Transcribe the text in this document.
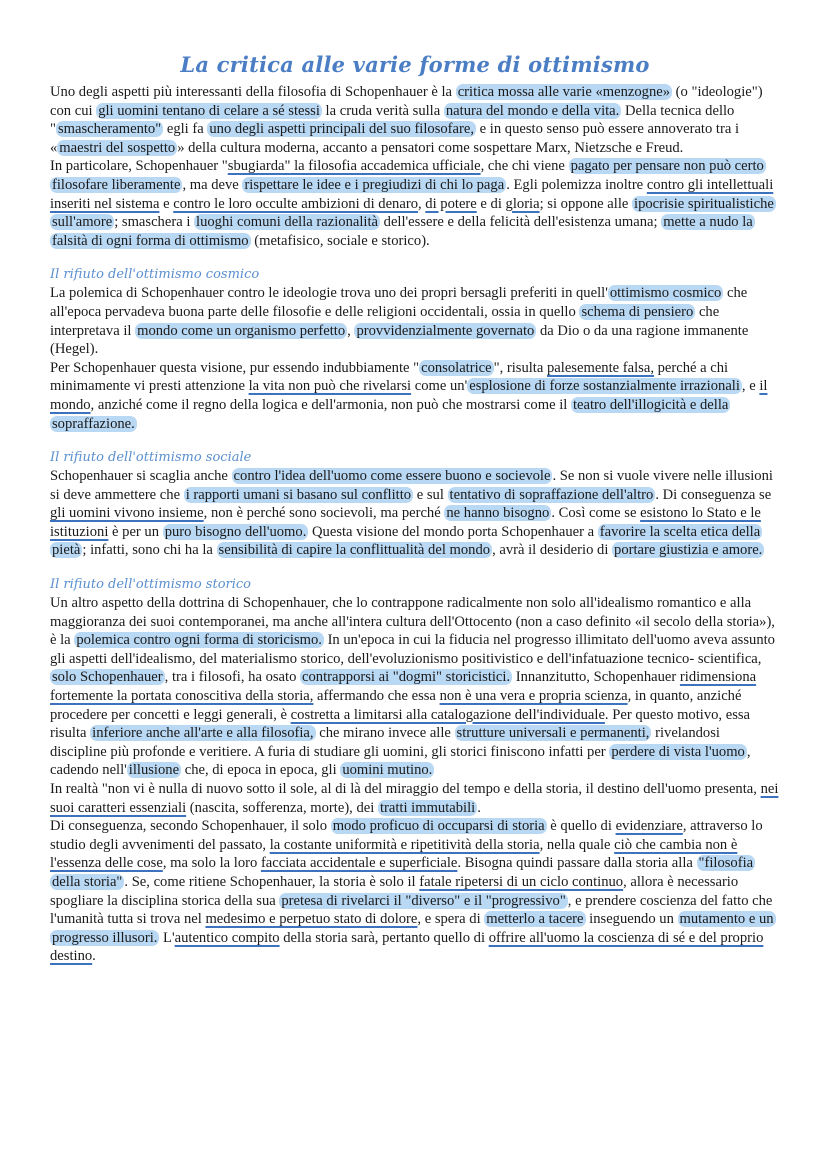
La critica alle varie forme di ottimismo

Uno degli aspetti più interessanti della filosofia di Schopenhauer è la critica mossa alle varie «menzogne» (o "ideologie") con cui gli uomini tentano di celare a sé stessi la cruda verità sulla natura del mondo e della vita. Della tecnica dello " smascheramento" egli fa uno degli aspetti principali del suo filosofare, e in questo senso può essere annoverato tra i « maestri del sospetto » della cultura moderna, accanto a pensatori come sospettare Marx, Nietzsche e Freud.

In particolare, Schopenhauer "sbugiarda" la filosofia accademica ufficiale, che chi viene pagato per pensare non può certo filosofare liberamente , ma deve rispettare le idee e i pregiudizi di chi lo paga . Egli polemizza inoltre contro gli intellettuali inseriti nel sistema e contro le loro occulte ambizioni di denaro, di potere e di gloria; si oppone alle ipocrisie spiritualistiche sull'amore ; smaschera i luoghi comuni della razionalità dell'essere e della felicità dell'esistenza umana; mette a nudo la falsità di ogni forma di ottimismo (metafisico, sociale e storico).

Il rifiuto dell'ottimismo cosmico

La polemica di Schopenhauer contro le ideologie trova uno dei propri bersagli preferiti in quell' ottimismo cosmico che all'epoca pervadeva buona parte delle filosofie e delle religioni occidentali, ossia in quello schema di pensiero che interpretava il mondo come un organismo perfetto , provvidenzialmente governato da Dio o da una ragione immanente (Hegel).

Per Schopenhauer questa visione, pur essendo indubbiamente " consolatrice ", risulta palesemente falsa, perché a chi minimamente vi presti attenzione la vita non può che rivelarsi come un' esplosione di forze sostanzialmente irrazionali , e il mondo, anziché come il regno della logica e dell'armonia, non può che mostrarsi come il teatro dell'illogicità e della sopraffazione.

Il rifiuto dell'ottimismo sociale

Schopenhauer si scaglia anche contro l'idea dell'uomo come essere buono e socievole . Se non si vuole vivere nelle illusioni si deve ammettere che i rapporti umani si basano sul conflitto e sul tentativo di sopraffazione dell'altro . Di conseguenza se gli uomini vivono insieme, non è perché sono socievoli, ma perché ne hanno bisogno . Così come se esistono lo Stato e le istituzioni è per un puro bisogno dell'uomo. Questa visione del mondo porta Schopenhauer a favorire la scelta etica della pietà ; infatti, sono chi ha la sensibilità di capire la conflittualità del mondo , avrà il desiderio di portare giustizia e amore.

Il rifiuto dell'ottimismo storico

Un altro aspetto della dottrina di Schopenhauer, che lo contrappone radicalmente non solo all'idealismo romantico e alla maggioranza dei suoi contemporanei, ma anche all'intera cultura dell'Ottocento (non a caso definito «il secolo della storia»), è la polemica contro ogni forma di storicismo. In un'epoca in cui la fiducia nel progresso illimitato dell'uomo aveva assunto gli aspetti dell'idealismo, del materialismo storico, dell'evoluzionismo positivistico e dell'infatuazione tecnico- scientifica, solo Schopenhauer , tra i filosofi, ha osato contrapporsi ai "dogmi" storicistici. Innanzitutto, Schopenhauer ridimensiona fortemente la portata conoscitiva della storia, affermando che essa non è una vera e propria scienza, in quanto, anziché procedere per concetti e leggi generali, è costretta a limitarsi alla catalogazione dell'individuale. Per questo motivo, essa risulta inferiore anche all'arte e alla filosofia, che mirano invece alle strutture universali e permanenti, rivelandosi discipline più profonde e veritiere. A furia di studiare gli uomini, gli storici finiscono infatti per perdere di vista l'uomo , cadendo nell' illusione che, di epoca in epoca, gli uomini mutino.

In realtà "non vi è nulla di nuovo sotto il sole, al di là del miraggio del tempo e della storia, il destino dell'uomo presenta, nei suoi caratteri essenziali (nascita, sofferenza, morte), dei tratti immutabili .

Di conseguenza, secondo Schopenhauer, il solo modo proficuo di occuparsi di storia è quello di evidenziare, attraverso lo studio degli avvenimenti del passato, la costante uniformità e ripetitività della storia, nella quale ciò che cambia non è l'essenza delle cose, ma solo la loro facciata accidentale e superficiale. Bisogna quindi passare dalla storia alla "filosofia della storia" . Se, come ritiene Schopenhauer, la storia è solo il fatale ripetersi di un ciclo continuo, allora è necessario spogliare la disciplina storica della sua pretesa di rivelarci il "diverso" e il "progressivo" , e prendere coscienza del fatto che l'umanità tutta si trova nel medesimo e perpetuo stato di dolore, e spera di metterlo a tacere inseguendo un mutamento e un progresso illusori. L'autentico compito della storia sarà, pertanto quello di offrire all'uomo la coscienza di sé e del proprio destino.
